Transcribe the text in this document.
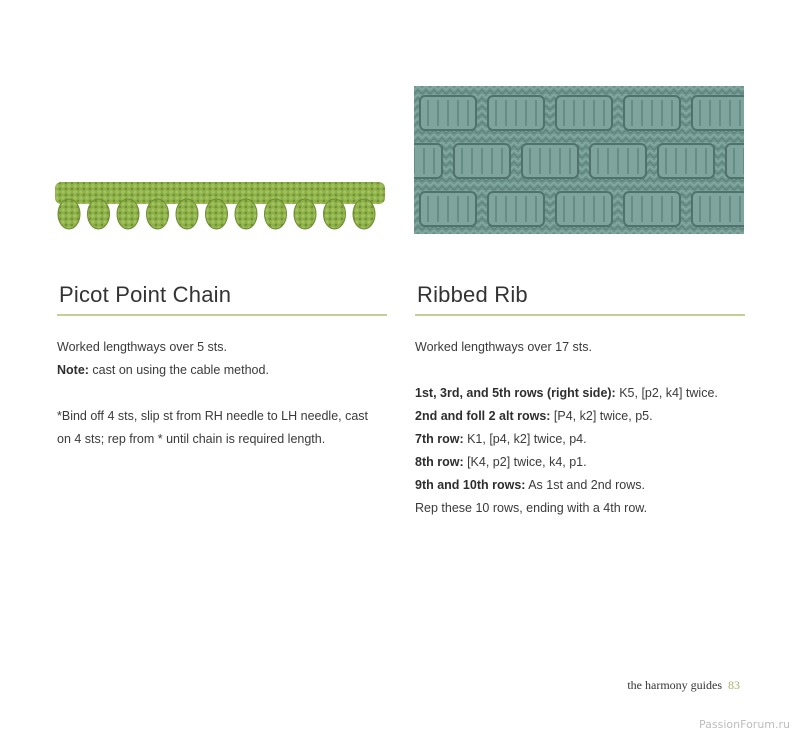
Picot Point Chain

Worked lengthways over 5 sts.

Note: cast on using the cable method.

*Bind off 4 sts, slip st from RH needle to LH needle, cast

on 4 sts; rep from * until chain is required length.

Ribbed Rib

Worked lengthways over 17 sts.

1st, 3rd, and 5th rows (right side): K5, [p2, k4] twice.

2nd and foll 2 alt rows: [P4, k2] twice, p5.

7th row: K1, [p4, k2] twice, p4.

8th row: [K4, p2] twice, k4, p1.

9th and 10th rows: As 1st and 2nd rows.

Rep these 10 rows, ending with a 4th row.

the harmony guides 83
PassionForum.ru
